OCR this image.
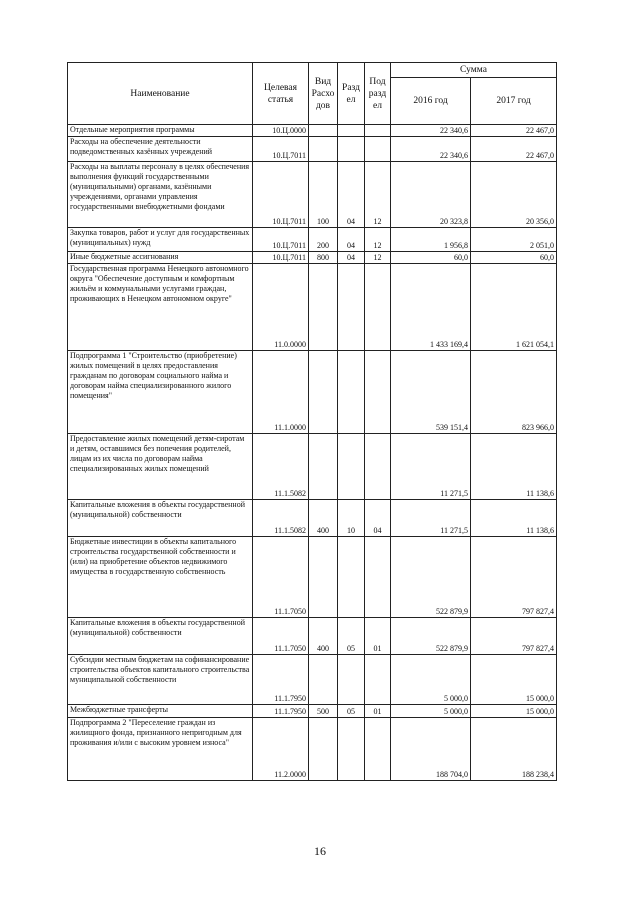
Наименование	Целевая статья	Вид Расхо дов	Разд ел	Под разд ел	Сумма	
					2016 год	2017 год
Отдельные мероприятия программы	10.Ц.0000				22 340,6	22 467,0
Расходы на обеспечение деятельности подведомственных казённых учреждений	10.Ц.7011				22 340,6	22 467,0
Расходы на выплаты персоналу в целях обеспечения выполнения функций государственными (муниципальными) органами, казёнными учреждениями, органами управления государственными внебюджетными фондами	10.Ц.7011	100	04	12	20 323,8	20 356,0
Закупка товаров, работ и услуг для государственных (муниципальных) нужд	10.Ц.7011	200	04	12	1 956,8	2 051,0
Иные бюджетные ассигнования	10.Ц.7011	800	04	12	60,0	60,0
Государственная программа Ненецкого автономного округа "Обеспечение доступным и комфортным жильём и коммунальными услугами граждан, проживающих в Ненецком автономном округе"	11.0.0000				1 433 169,4	1 621 054,1
Подпрограмма 1 "Строительство (приобретение) жилых помещений в целях предоставления гражданам по договорам социального найма и договорам найма специализированного жилого помещения"	11.1.0000				539 151,4	823 966,0
Предоставление жилых помещений детям-сиротам и детям, оставшимся без попечения родителей, лицам из их числа по договорам найма специализированных жилых помещений	11.1.5082				11 271,5	11 138,6
Капитальные вложения в объекты государственной (муниципальной) собственности	11.1.5082	400	10	04	11 271,5	11 138,6
Бюджетные инвестиции в объекты капитального строительства государственной собственности и (или) на приобретение объектов недвижимого имущества в государственную собственность	11.1.7050				522 879,9	797 827,4
Капитальные вложения в объекты государственной (муниципальной) собственности	11.1.7050	400	05	01	522 879,9	797 827,4
Субсидии местным бюджетам на софинансирование строительства объектов капитального строительства муниципальной собственности	11.1.7950				5 000,0	15 000,0
Межбюджетные трансферты	11.1.7950	500	05	01	5 000,0	15 000,0
Подпрограмма 2 "Переселение граждан из жилищного фонда, признанного непригодным для проживания и/или с высоким уровнем износа"	11.2.0000				188 704,0	188 238,4
16
